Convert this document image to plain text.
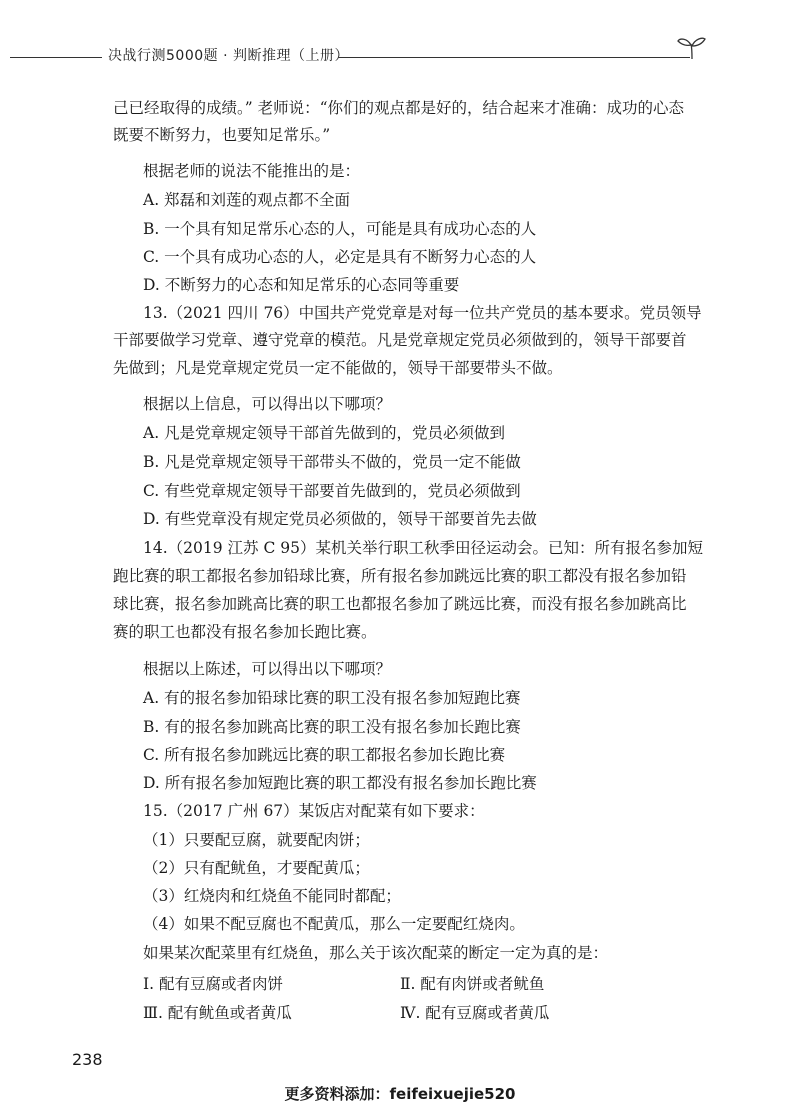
决战行测5000题 · 判断推理（上册）
己已经取得的成绩。” 老师说：“你们的观点都是好的，结合起来才准确：成功的心态
既要不断努力，也要知足常乐。”
根据老师的说法不能推出的是：
A. 郑磊和刘莲的观点都不全面
B. 一个具有知足常乐心态的人，可能是具有成功心态的人
C. 一个具有成功心态的人，必定是具有不断努力心态的人
D. 不断努力的心态和知足常乐的心态同等重要
13.（2021 四川 76）中国共产党党章是对每一位共产党员的基本要求。党员领导
干部要做学习党章、遵守党章的模范。凡是党章规定党员必须做到的，领导干部要首
先做到；凡是党章规定党员一定不能做的，领导干部要带头不做。
根据以上信息，可以得出以下哪项？
A. 凡是党章规定领导干部首先做到的，党员必须做到
B. 凡是党章规定领导干部带头不做的，党员一定不能做
C. 有些党章规定领导干部要首先做到的，党员必须做到
D. 有些党章没有规定党员必须做的，领导干部要首先去做
14.（2019 江苏 C 95）某机关举行职工秋季田径运动会。已知：所有报名参加短
跑比赛的职工都报名参加铅球比赛，所有报名参加跳远比赛的职工都没有报名参加铅
球比赛，报名参加跳高比赛的职工也都报名参加了跳远比赛，而没有报名参加跳高比
赛的职工也都没有报名参加长跑比赛。
根据以上陈述，可以得出以下哪项？
A. 有的报名参加铅球比赛的职工没有报名参加短跑比赛
B. 有的报名参加跳高比赛的职工没有报名参加长跑比赛
C. 所有报名参加跳远比赛的职工都报名参加长跑比赛
D. 所有报名参加短跑比赛的职工都没有报名参加长跑比赛
15.（2017 广州 67）某饭店对配菜有如下要求：
（1）只要配豆腐，就要配肉饼；
（2）只有配鱿鱼，才要配黄瓜；
（3）红烧肉和红烧鱼不能同时都配；
（4）如果不配豆腐也不配黄瓜，那么一定要配红烧肉。
如果某次配菜里有红烧鱼，那么关于该次配菜的断定一定为真的是：
Ⅰ. 配有豆腐或者肉饼	Ⅱ. 配有肉饼或者鱿鱼
Ⅲ. 配有鱿鱼或者黄瓜	Ⅳ. 配有豆腐或者黄瓜
238
更多资料添加：feifeixuejie520
